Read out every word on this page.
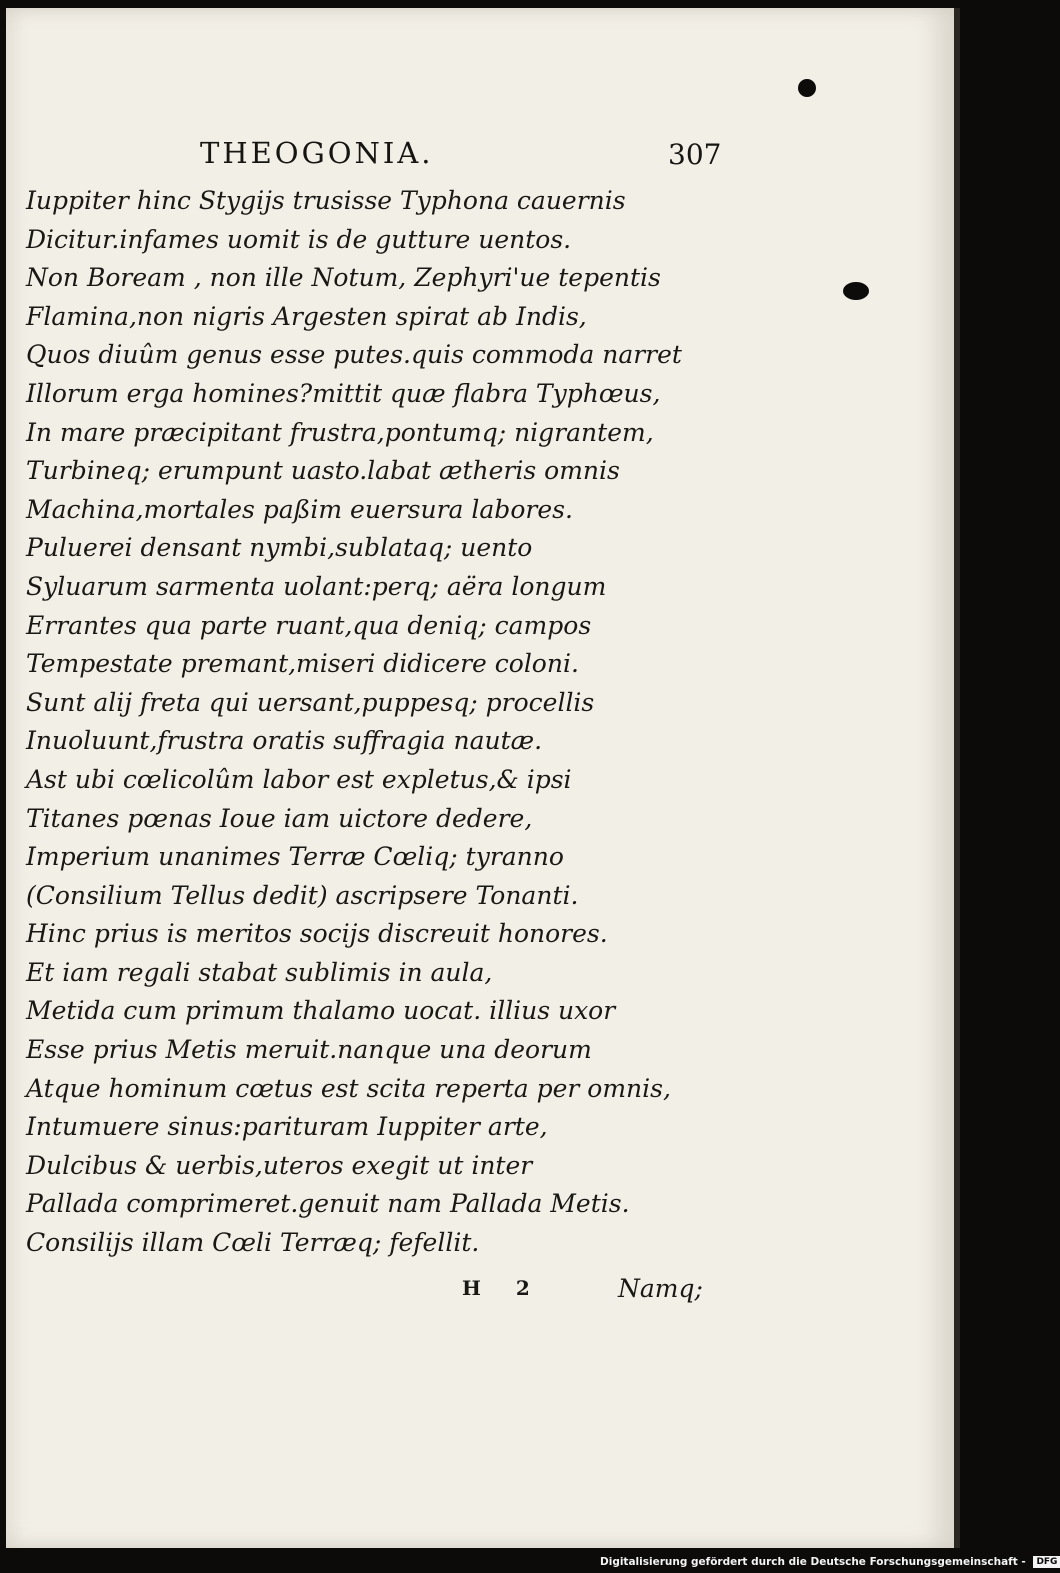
THEOGONIA.	307
Iuppiter hinc Stygijs trusisse Typhona cauernis
Dicitur.infames uomit is de gutture uentos.
Non Boream , non ille Notum, Zephyri'ue tepentis
Flamina,non nigris Argesten spirat ab Indis,
Quos diuûm genus esse putes.quis commoda narret
Illorum erga homines?mittit quæ flabra Typhœus,
In mare præcipitant frustra,pontumq; nigrantem,
Turbineq; erumpunt uasto.labat ætheris omnis
Machina,mortales paßim euersura labores.
Puluerei densant nymbi,sublataq; uento
Syluarum sarmenta uolant:perq; aëra longum
Errantes qua parte ruant,qua deniq; campos
Tempestate premant,miseri didicere coloni.
Sunt alij freta qui uersant,puppesq; procellis
Inuoluunt,frustra oratis suffragia nautæ.
Ast ubi cœlicolûm labor est expletus,& ipsi
Titanes pœnas Ioue iam uictore dedere,
Imperium unanimes Terræ Cœliq; tyranno
(Consilium Tellus dedit) ascripsere Tonanti.
Hinc prius is meritos socijs discreuit honores.
Et iam regali stabat sublimis in aula,
Metida cum primum thalamo uocat. illius uxor
Esse prius Metis meruit.nanque una deorum
Atque hominum cœtus est scita reperta per omnis,
Intumuere sinus:parituram Iuppiter arte,
Dulcibus & uerbis,uteros exegit ut inter
Pallada comprimeret.genuit nam Pallada Metis.
Consilijs illam Cœli Terræq; fefellit.
H 2	Namq;
Digitalisierung gefördert durch die Deutsche Forschungsgemeinschaft - DFG
